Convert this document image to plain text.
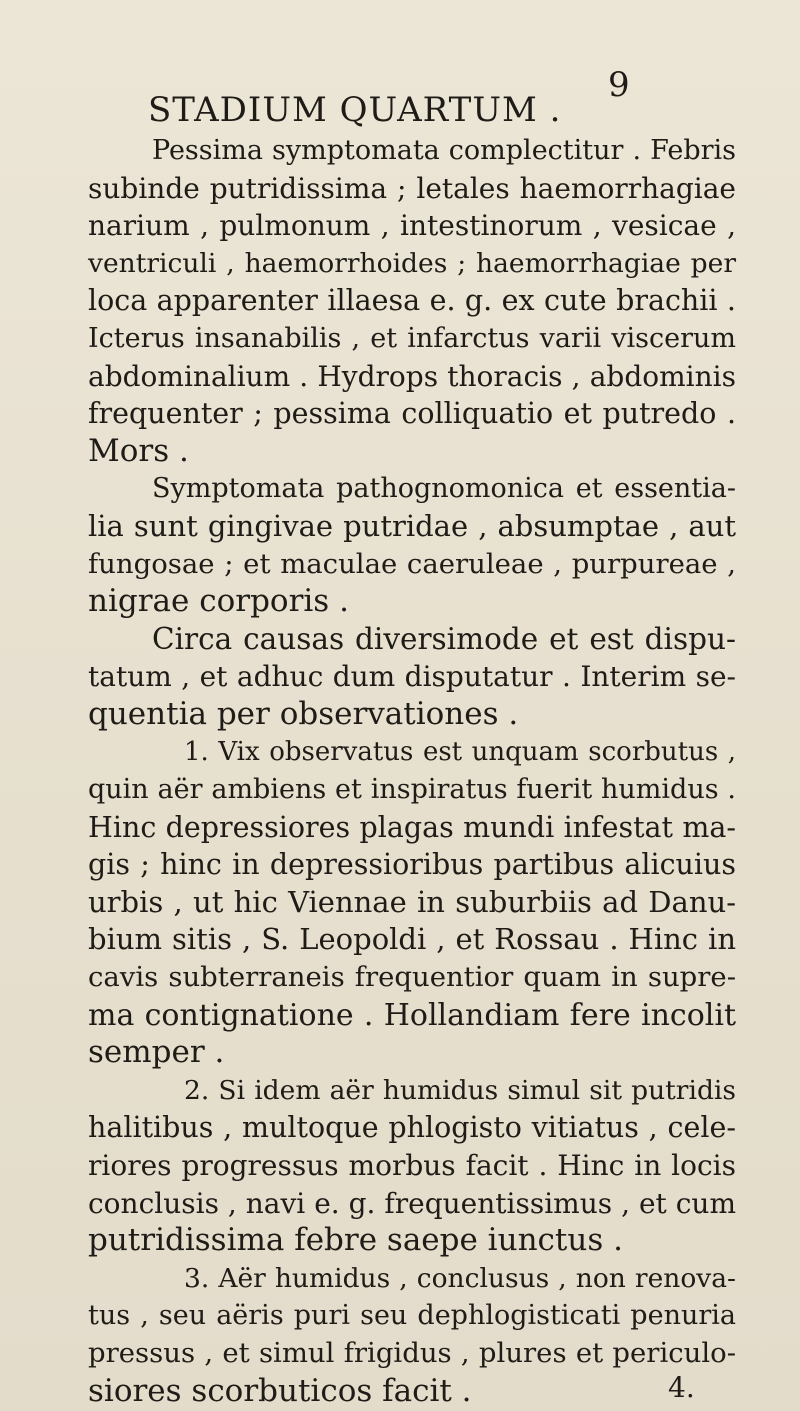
9
STADIUM QUARTUM .
Pessima symptomata complectitur . Febris
subinde putridissima ; letales haemorrhagiae
narium , pulmonum , intestinorum , vesicae ,
ventriculi , haemorrhoides ; haemorrhagiae per
loca apparenter illaesa e. g. ex cute brachii .
Icterus insanabilis , et infarctus varii viscerum
abdominalium . Hydrops thoracis , abdominis
frequenter ; pessima colliquatio et putredo .
Mors .
Symptomata pathognomonica et essentia-
lia sunt gingivae putridae , absumptae , aut
fungosae ; et maculae caeruleae , purpureae ,
nigrae corporis .
Circa causas diversimode et est dispu-
tatum , et adhuc dum disputatur . Interim se-
quentia per observationes .
1. Vix observatus est unquam scorbutus ,
quin aër ambiens et inspiratus fuerit humidus .
Hinc depressiores plagas mundi infestat ma-
gis ; hinc in depressioribus partibus alicuius
urbis , ut hic Viennae in suburbiis ad Danu-
bium sitis , S. Leopoldi , et Rossau . Hinc in
cavis subterraneis frequentior quam in supre-
ma contignatione . Hollandiam fere incolit
semper .
2. Si idem aër humidus simul sit putridis
halitibus , multoque phlogisto vitiatus , cele-
riores progressus morbus facit . Hinc in locis
conclusis , navi e. g. frequentissimus , et cum
putridissima febre saepe iunctus .
3. Aër humidus , conclusus , non renova-
tus , seu aëris puri seu dephlogisticati penuria
pressus , et simul frigidus , plures et periculo-
siores scorbuticos facit .	4.
